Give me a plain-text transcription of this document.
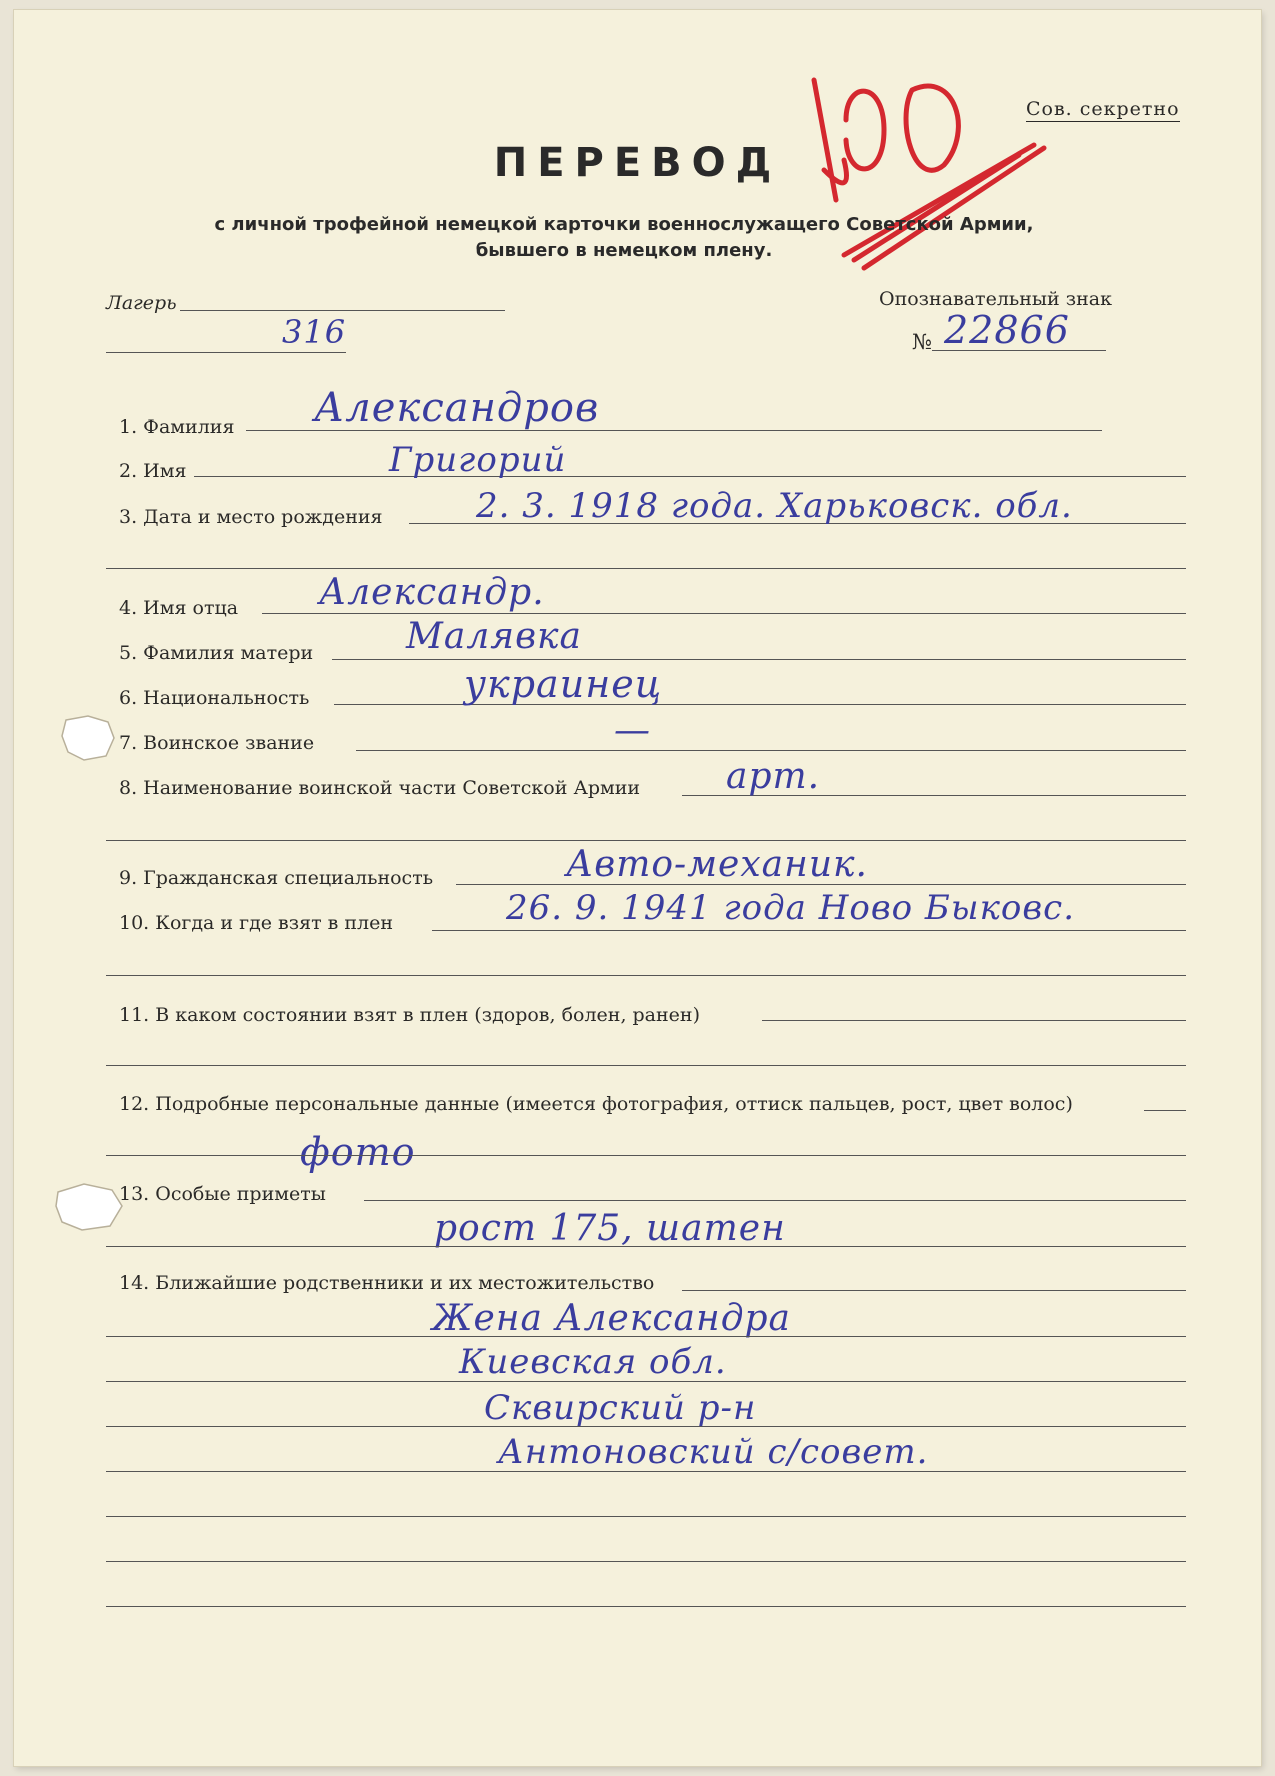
Сов. секретно
180
ПЕРЕВОД
с личной трофейной немецкой карточки военнослужащего Советской Армии,
бывшего в немецком плену.
Лагерь
316
Опознавательный знак
№ 22866
1. Фамилия Александров
2. Имя	Григорий
3. Дата и место рождения	2. 3. 1918 года. Харьковск. обл.
4. Имя отца Александр.
5. Фамилия матери	Малявка
6. Национальность	украинец
7. Воинское звание	—
8. Наименование воинской части Советской Армии арт.
9. Гражданская специальность	Авто-механик.
10. Когда и где взят в плен	26. 9. 1941 года Ново Быковс.
11. В каком состоянии взят в плен (здоров, болен, ранен)
12. Подробные персональные данные (имеется фотография, оттиск пальцев, рост, цвет волос)
фото
13. Особые приметы
рост 175, шатен
14. Ближайшие родственники и их местожительство
Жена Александра
Киевская обл.
Сквирский р-н
Антоновский с/совет.
